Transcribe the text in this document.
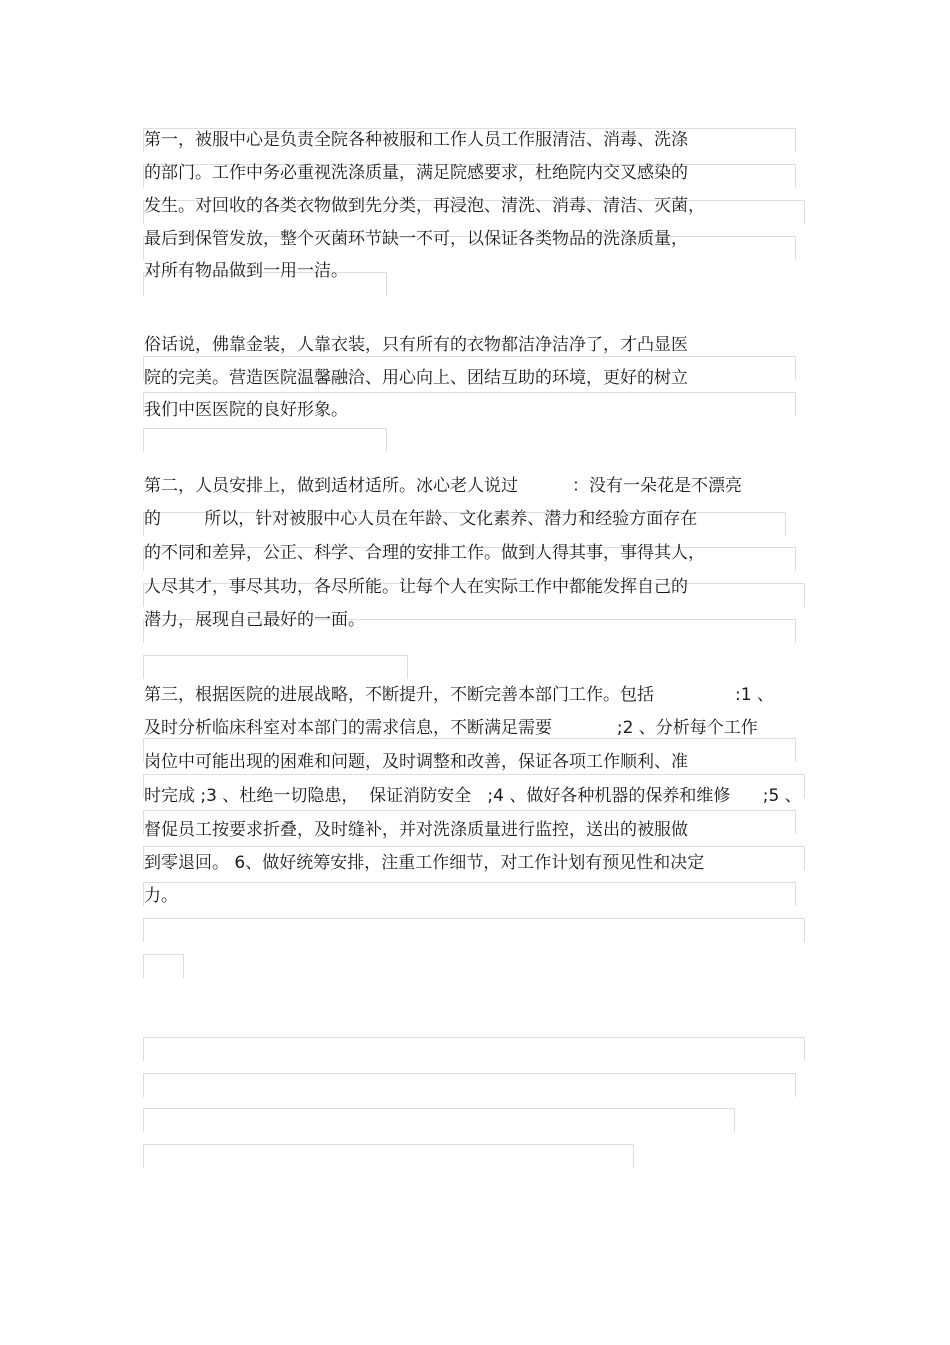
第一，被服中心是负责全院各种被服和工作人员工作服清洁、消毒、洗涤
的部门。工作中务必重视洗涤质量，满足院感要求，杜绝院内交叉感染的
发生。对回收的各类衣物做到先分类，再浸泡、清洗、消毒、清洁、灭菌，
最后到保管发放，整个灭菌环节缺一不可，以保证各类物品的洗涤质量，
对所有物品做到一用一洁。
俗话说，佛靠金装，人靠衣装，只有所有的衣物都洁净洁净了，才凸显医
院的完美。营造医院温馨融洽、用心向上、团结互助的环境，更好的树立
我们中医医院的良好形象。
第二，人员安排上，做到适材适所。冰心老人说过          ：没有一朵花是不漂亮
的        所以，针对被服中心人员在年龄、文化素养、潜力和经验方面存在
的不同和差异，公正、科学、合理的安排工作。做到人得其事，事得其人，
人尽其才，事尽其功，各尽所能。让每个人在实际工作中都能发挥自己的
潜力，展现自己最好的一面。
第三，根据医院的进展战略，不断提升，不断完善本部门工作。包括               :1 、
及时分析临床科室对本部门的需求信息，不断满足需要            ;2 、分析每个工作
岗位中可能出现的困难和问题，及时调整和改善，保证各项工作顺利、准
时完成 ;3 、杜绝一切隐患，  保证消防安全   ;4 、做好各种机器的保养和维修      ;5 、
督促员工按要求折叠，及时缝补，并对洗涤质量进行监控，送出的被服做
到零退回。 6、做好统筹安排，注重工作细节，对工作计划有预见性和决定
力。
